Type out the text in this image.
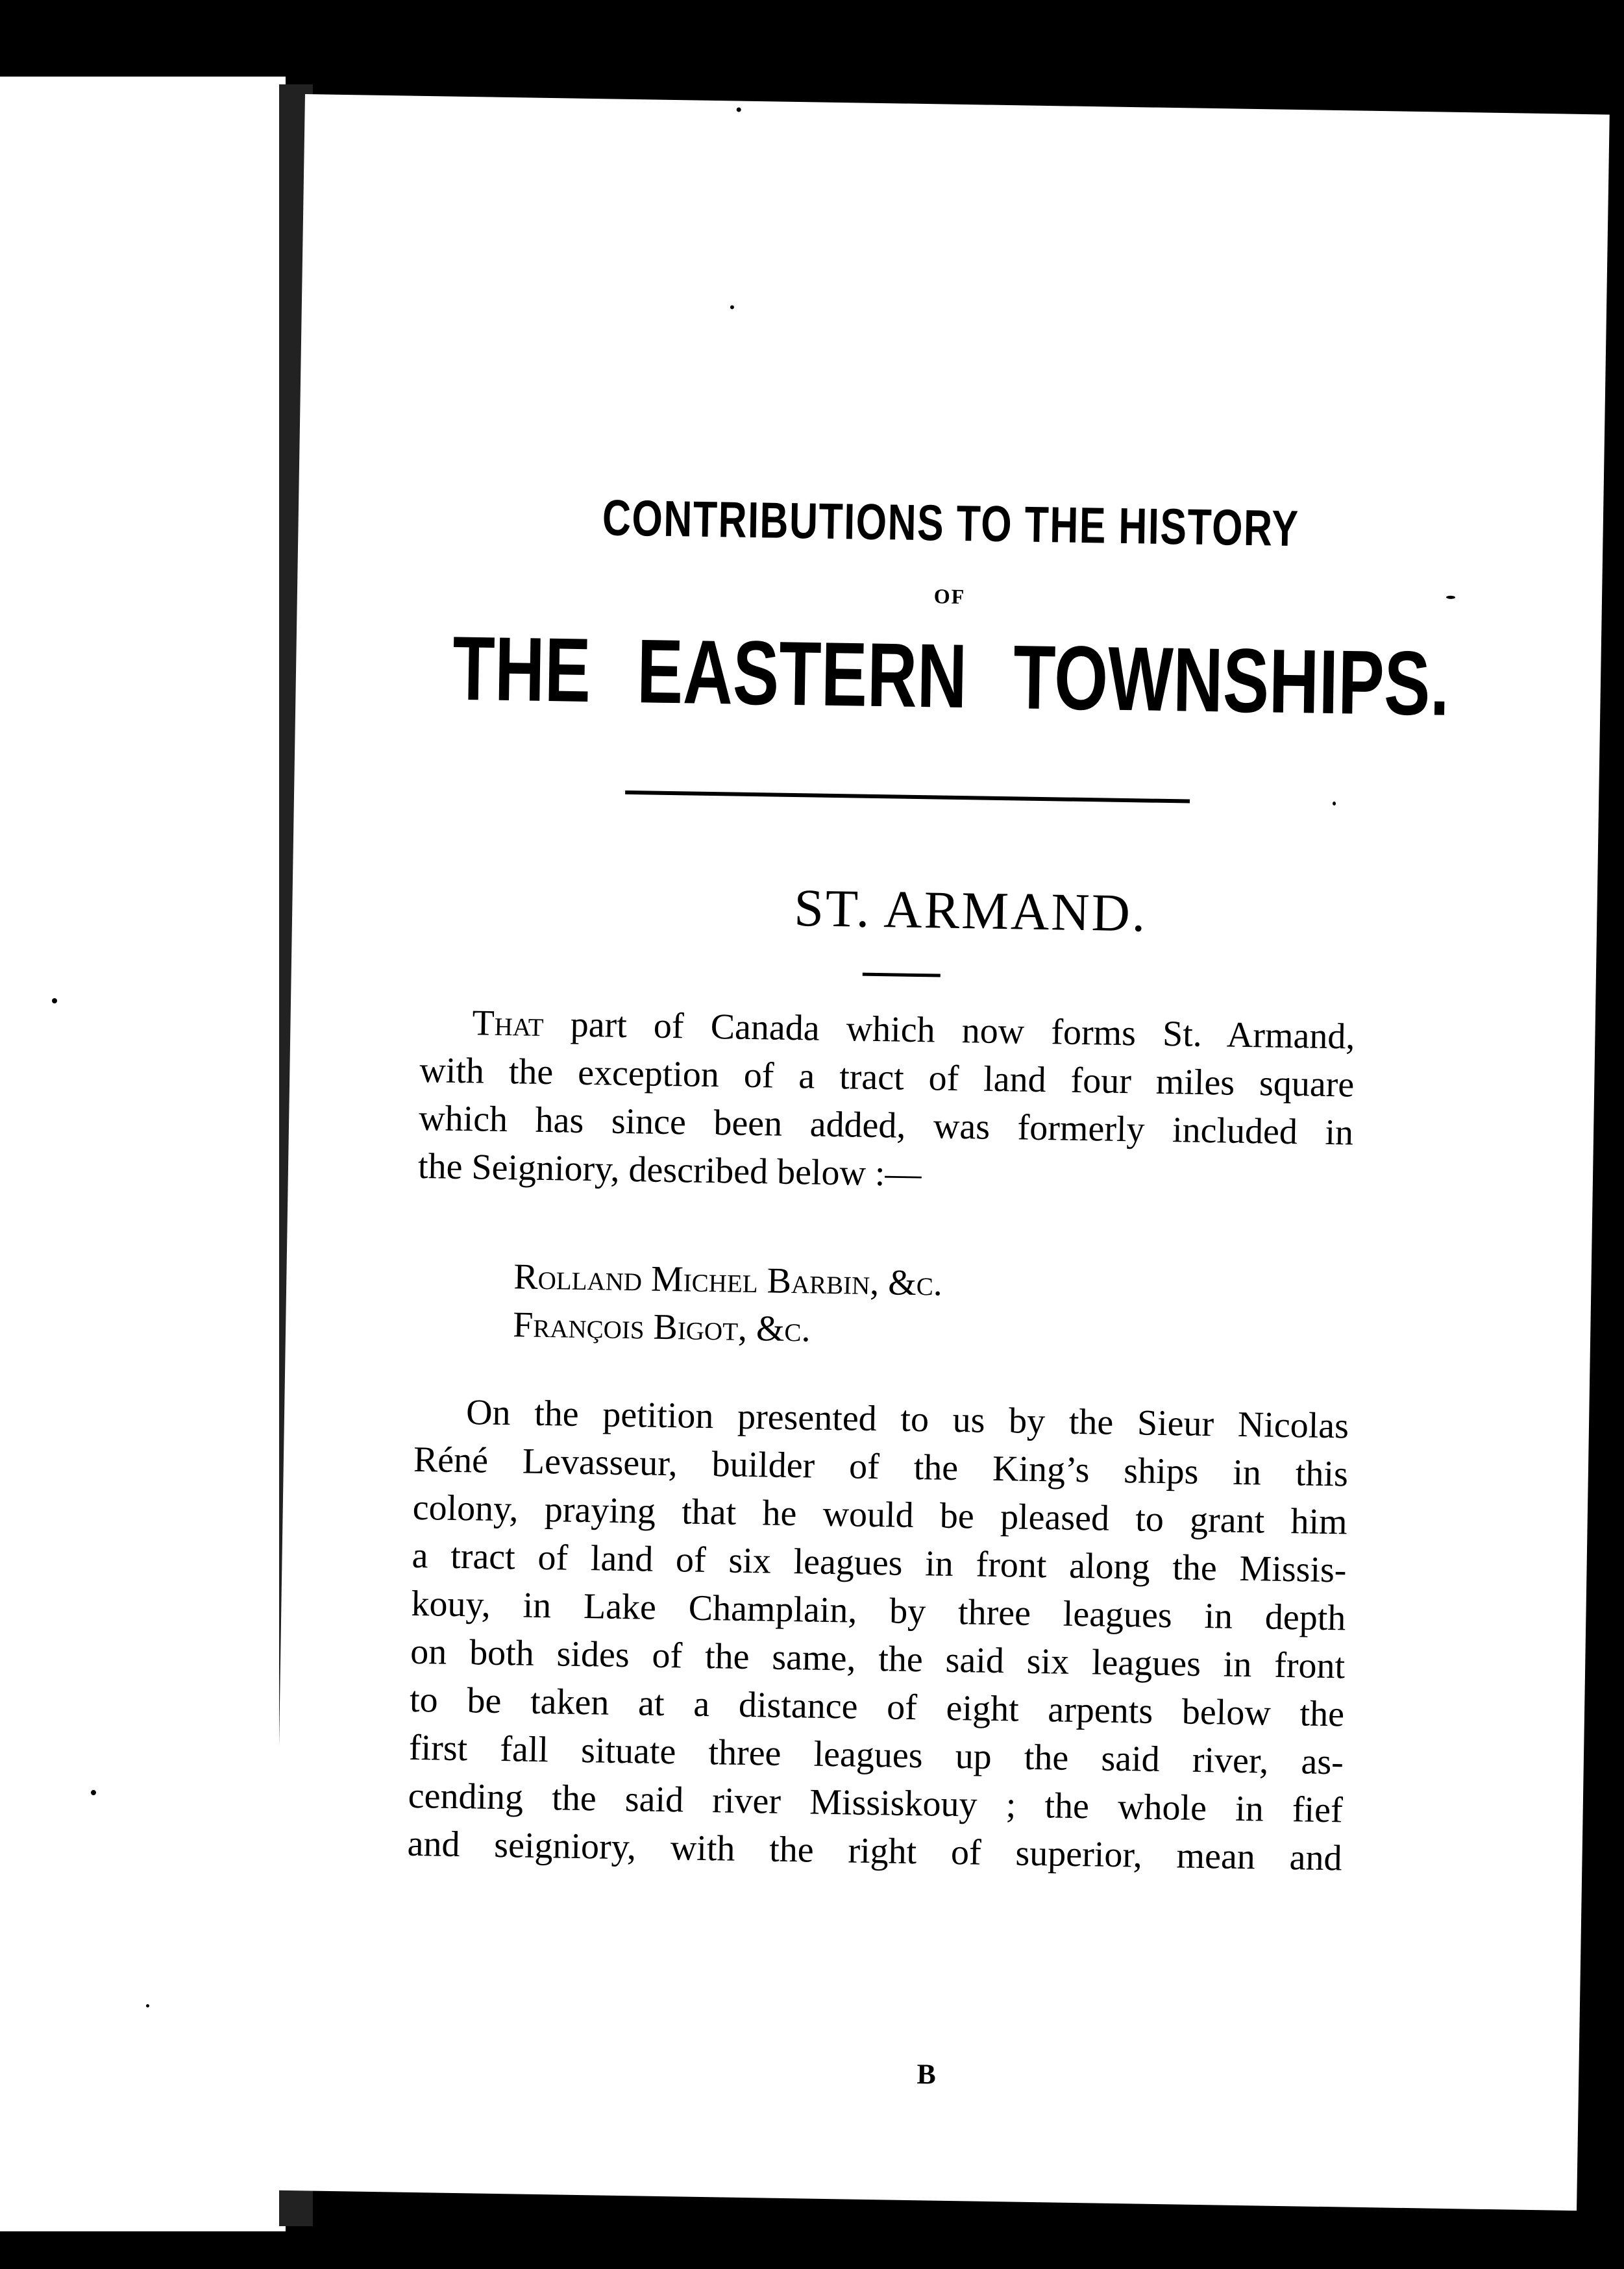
CONTRIBUTIONS TO THE HISTORY
OF
THE EASTERN TOWNSHIPS.
ST. ARMAND.
That part of Canada which now forms St. Armand,
with the exception of a tract of land four miles square
which has since been added, was formerly included in
the Seigniory, described below :—
Rolland Michel Barbin, &c.
François Bigot, &c.
On the petition presented to us by the Sieur Nicolas
Réné Levasseur, builder of the King’s ships in this
colony, praying that he would be pleased to grant him
a tract of land of six leagues in front along the Missis-
kouy, in Lake Champlain, by three leagues in depth
on both sides of the same, the said six leagues in front
to be taken at a distance of eight arpents below the
first fall situate three leagues up the said river, as-
cending the said river Missiskouy ; the whole in fief
and seigniory, with the right of superior, mean and
B
